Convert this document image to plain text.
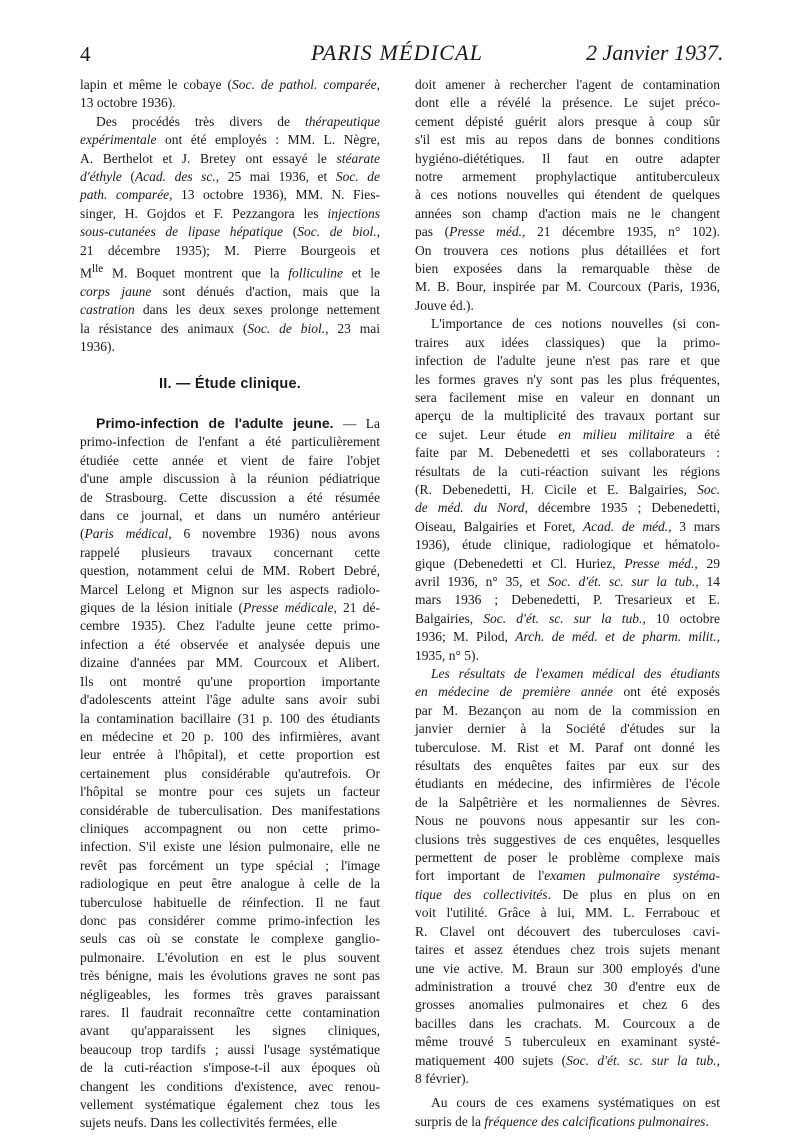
4	PARIS MÉDICAL	2 Janvier 1937.

lapin et même le cobaye (Soc. de pathol. comparée,
13 octobre 1936).

Des procédés très divers de thérapeutique
expérimentale ont été employés : MM. L. Nègre,
A. Berthelot et J. Bretey ont essayé le stéarate
d'éthyle (Acad. des sc., 25 mai 1936, et Soc. de
path. comparée, 13 octobre 1936), MM. N. Fies-
singer, H. Gojdos et F. Pezzangora les injections
sous-cutanées de lipase hépatique (Soc. de biol.,
21 décembre 1935); M. Pierre Bourgeois et
$M^{lle}$ M. Boquet montrent que la folliculine et le
corps jaune sont dénués d'action, mais que la
castration dans les deux sexes prolonge nettement
la résistance des animaux (Soc. de biol., 23 mai
1936).

II. — Étude clinique.

Primo-infection de l'adulte jeune. — La
primo-infection de l'enfant a été particulièrement
étudiée cette année et vient de faire l'objet
d'une ample discussion à la réunion pédiatrique
de Strasbourg. Cette discussion a été résumée
dans ce journal, et dans un numéro antérieur
(Paris médical, 6 novembre 1936) nous avons
rappelé plusieurs travaux concernant cette
question, notamment celui de MM. Robert Debré,
Marcel Lelong et Mignon sur les aspects radiolo-
giques de la lésion initiale (Presse médicale, 21 dé-
cembre 1935). Chez l'adulte jeune cette primo-
infection a été observée et analysée depuis une
dizaine d'années par MM. Courcoux et Alibert.
Ils ont montré qu'une proportion importante
d'adolescents atteint l'âge adulte sans avoir subi
la contamination bacillaire (31 p. 100 des étudiants
en médecine et 20 p. 100 des infirmières, avant
leur entrée à l'hôpital), et cette proportion est
certainement plus considérable qu'autrefois. Or
l'hôpital se montre pour ces sujets un facteur
considérable de tuberculisation. Des manifestations
cliniques accompagnent ou non cette primo-
infection. S'il existe une lésion pulmonaire, elle ne
revêt pas forcément un type spécial ; l'image
radiologique en peut être analogue à celle de la
tuberculose habituelle de réinfection. Il ne faut
donc pas considérer comme primo-infection les
seuls cas où se constate le complexe ganglio-
pulmonaire. L'évolution en est le plus souvent
très bénigne, mais les évolutions graves ne sont pas
négligeables, les formes très graves paraissant
rares. Il faudrait reconnaître cette contamination
avant qu'apparaissent les signes cliniques,
beaucoup trop tardifs ; aussi l'usage systématique
de la cuti-réaction s'impose-t-il aux époques où
changent les conditions d'existence, avec renou-
vellement systématique également chez tous les
sujets neufs. Dans les collectivités fermées, elle

doit amener à rechercher l'agent de contamination
dont elle a révélé la présence. Le sujet préco-
cement dépisté guérit alors presque à coup sûr
s'il est mis au repos dans de bonnes conditions
hygiéno-diététiques. Il faut en outre adapter
notre armement prophylactique antituberculeux
à ces notions nouvelles qui étendent de quelques
années son champ d'action mais ne le changent
pas (Presse méd., 21 décembre 1935, n° 102).
On trouvera ces notions plus détaillées et fort
bien exposées dans la remarquable thèse de
M. B. Bour, inspirée par M. Courcoux (Paris, 1936,
Jouve éd.).

L'importance de ces notions nouvelles (si con-
traires aux idées classiques) que la primo-
infection de l'adulte jeune n'est pas rare et que
les formes graves n'y sont pas les plus fréquentes,
sera facilement mise en valeur en donnant un
aperçu de la multiplicité des travaux portant sur
ce sujet. Leur étude en milieu militaire a été
faite par M. Debenedetti et ses collaborateurs :
résultats de la cuti-réaction suivant les régions
(R. Debenedetti, H. Cicile et E. Balgairies, Soc.
de méd. du Nord, décembre 1935 ; Debenedetti,
Oiseau, Balgairies et Foret, Acad. de méd., 3 mars
1936), étude clinique, radiologique et hématolo-
gique (Debenedetti et Cl. Huriez, Presse méd., 29
avril 1936, n° 35, et Soc. d'ét. sc. sur la tub., 14
mars 1936 ; Debenedetti, P. Tresarieux et E.
Balgairies, Soc. d'ét. sc. sur la tub., 10 octobre
1936; M. Pilod, Arch. de méd. et de pharm. milit.,
1935, n° 5).

Les résultats de l'examen médical des étudiants
en médecine de première année ont été exposés
par M. Bezançon au nom de la commission en
janvier dernier à la Société d'études sur la
tuberculose. M. Rist et M. Paraf ont donné les
résultats des enquêtes faites par eux sur des
étudiants en médecine, des infirmières de l'école
de la Salpêtrière et les normaliennes de Sèvres.
Nous ne pouvons nous appesantir sur les con-
clusions très suggestives de ces enquêtes, lesquelles
permettent de poser le problème complexe mais
fort important de l'examen pulmonaire systéma-
tique des collectivités. De plus en plus on en
voit l'utilité. Grâce à lui, MM. L. Ferrabouc et
R. Clavel ont découvert des tuberculoses cavi-
taires et assez étendues chez trois sujets menant
une vie active. M. Braun sur 300 employés d'une
administration a trouvé chez 30 d'entre eux de
grosses anomalies pulmonaires et chez 6 des
bacilles dans les crachats. M. Courcoux a de
même trouvé 5 tuberculeux en examinant systé-
matiquement 400 sujets (Soc. d'ét. sc. sur la tub.,
8 février).

Au cours de ces examens systématiques on est
surpris de la fréquence des calcifications pulmonaires.
